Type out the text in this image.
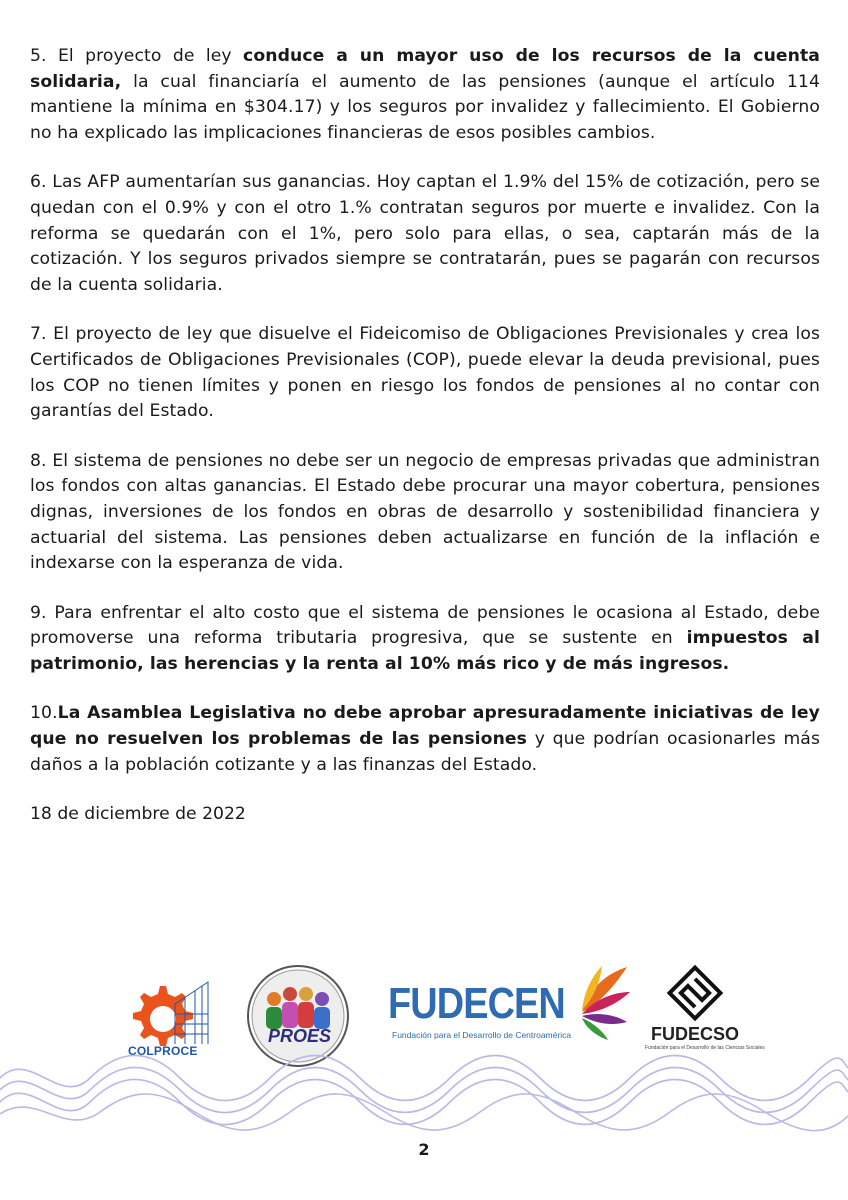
5. El proyecto de ley conduce a un mayor uso de los recursos de la cuenta solidaria, la cual financiaría el aumento de las pensiones (aunque el artículo 114 mantiene la mínima en $304.17) y los seguros por invalidez y fallecimiento. El Gobierno no ha explicado las implicaciones financieras de esos posibles cambios.

6. Las AFP aumentarían sus ganancias. Hoy captan el 1.9% del 15% de cotización, pero se quedan con el 0.9% y con el otro 1.% contratan seguros por muerte e invalidez. Con la reforma se quedarán con el 1%, pero solo para ellas, o sea, captarán más de la cotización. Y los seguros privados siempre se contratarán, pues se pagarán con recursos de la cuenta solidaria.

7. El proyecto de ley que disuelve el Fideicomiso de Obligaciones Previsionales y crea los Certificados de Obligaciones Previsionales (COP), puede elevar la deuda previsional, pues los COP no tienen límites y ponen en riesgo los fondos de pensiones al no contar con garantías del Estado.

8. El sistema de pensiones no debe ser un negocio de empresas privadas que administran los fondos con altas ganancias. El Estado debe procurar una mayor cobertura, pensiones dignas, inversiones de los fondos en obras de desarrollo y sostenibilidad financiera y actuarial del sistema. Las pensiones deben actualizarse en función de la inflación e indexarse con la esperanza de vida.

9. Para enfrentar el alto costo que el sistema de pensiones le ocasiona al Estado, debe promoverse una reforma tributaria progresiva, que se sustente en impuestos al patrimonio, las herencias y la renta al 10% más rico y de más ingresos.

10.La Asamblea Legislativa no debe aprobar apresuradamente iniciativas de ley que no resuelven los problemas de las pensiones y que podrían ocasionarles más daños a la población cotizante y a las finanzas del Estado.

18 de diciembre de 2022

COLPROCE
PROES
FUDECEN
Fundación para el Desarrollo de Centroamérica	FUDECSO
Fundación para el Desarrollo de las Ciencias Sociales
2
